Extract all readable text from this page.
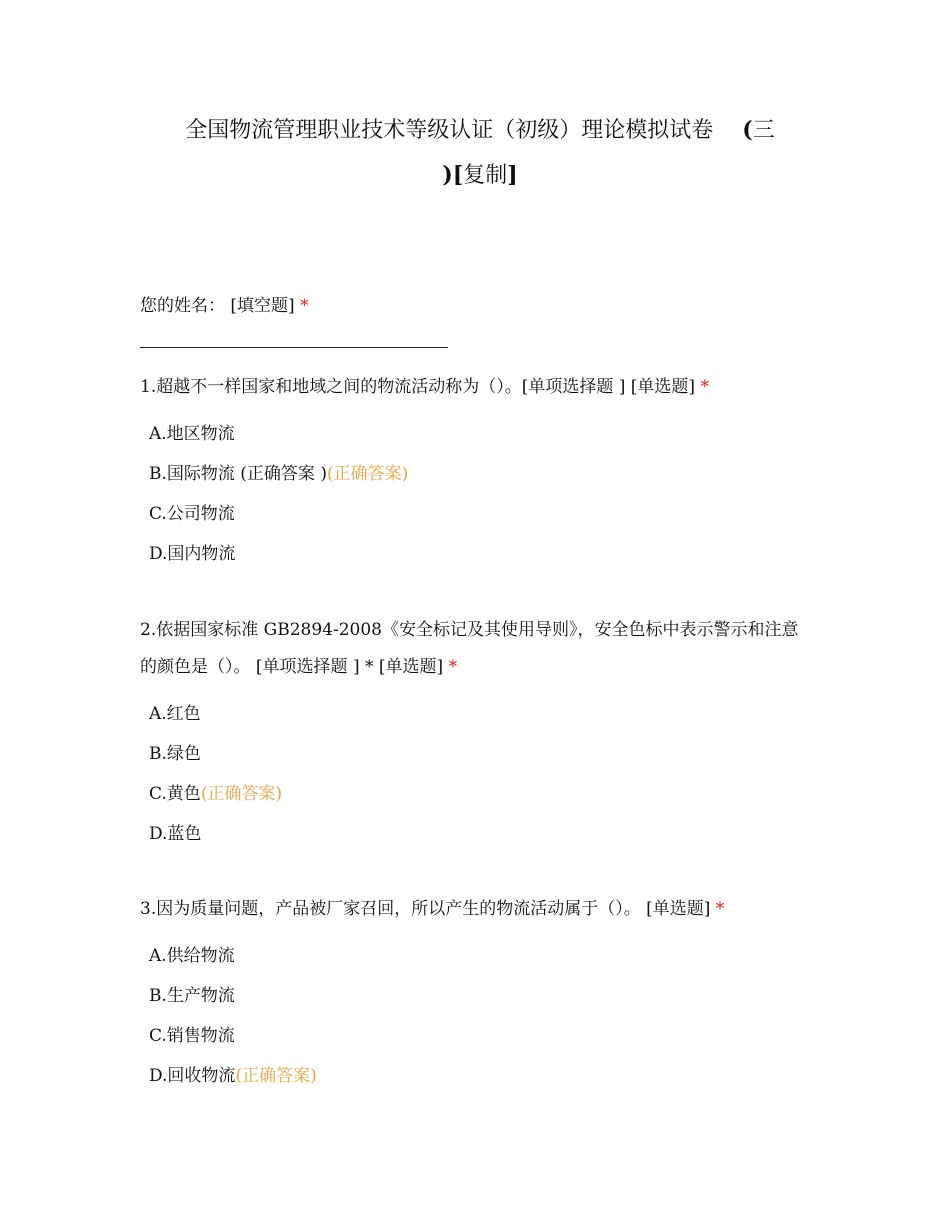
全国物流管理职业技术等级认证（初级）理论模拟试卷 (三
)[复制]
您的姓名： [填空题] *
1.超越不一样国家和地域之间的物流活动称为（）。[单项选择题 ] [单选题] *
A.地区物流
B.国际物流 (正确答案 )(正确答案)
C.公司物流
D.国内物流
2.依据国家标准 GB2894-2008《安全标记及其使用导则》，安全色标中表示警示和注意的颜色是（）。 [单项选择题 ] * [单选题] *
A.红色
B.绿色
C.黄色(正确答案)
D.蓝色
3.因为质量问题，产品被厂家召回，所以产生的物流活动属于（）。 [单选题] *
A.供给物流
B.生产物流
C.销售物流
D.回收物流(正确答案)
